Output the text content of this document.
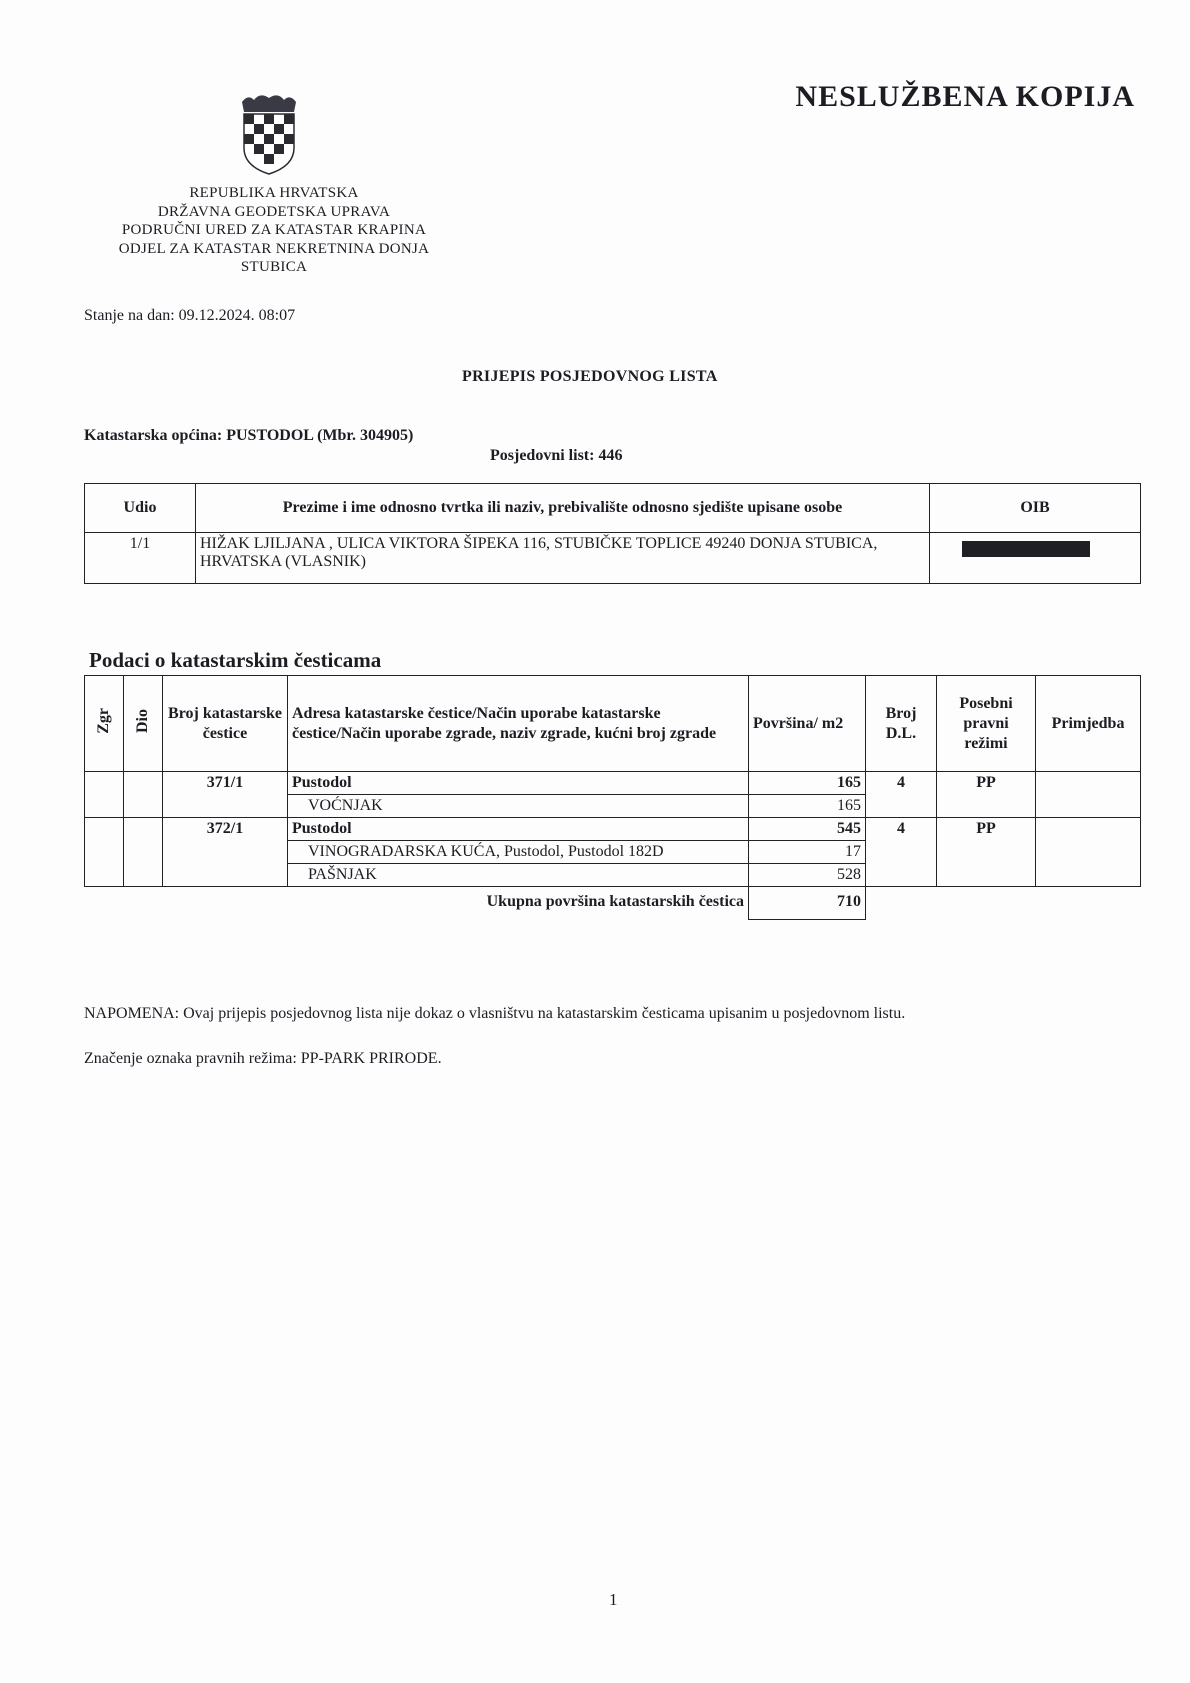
NESLUŽBENA KOPIJA
REPUBLIKA HRVATSKA
DRŽAVNA GEODETSKA UPRAVA
PODRUČNI URED ZA KATASTAR KRAPINA
ODJEL ZA KATASTAR NEKRETNINA DONJA
STUBICA
Stanje na dan: 09.12.2024. 08:07
PRIJEPIS POSJEDOVNOG LISTA
Katastarska općina: PUSTODOL (Mbr. 304905)
Posjedovni list: 446
Udio	Prezime i ime odnosno tvrtka ili naziv, prebivalište odnosno sjedište upisane osobe	OIB
1/1	HIŽAK LJILJANA , ULICA VIKTORA ŠIPEKA 116, STUBIČKE TOPLICE 49240 DONJA STUBICA, HRVATSKA (VLASNIK)	
Podaci o katastarskim česticama
Zgr	Dio	Broj katastarske čestice	Adresa katastarske čestice/Način uporabe katastarske čestice/Način uporabe zgrade, naziv zgrade, kućni broj zgrade	Površina/ m2	Broj D.L.	Posebni pravni režimi	Primjedba
		371/1	Pustodol	165	4	PP	
			VOĆNJAK	165			
		372/1	Pustodol	545	4	PP	
			VINOGRADARSKA KUĆA, Pustodol, Pustodol 182D	17			
			PAŠNJAK	528			
Ukupna površina katastarskih čestica				710			
NAPOMENA: Ovaj prijepis posjedovnog lista nije dokaz o vlasništvu na katastarskim česticama upisanim u posjedovnom listu.
Značenje oznaka pravnih režima: PP-PARK PRIRODE.
1
